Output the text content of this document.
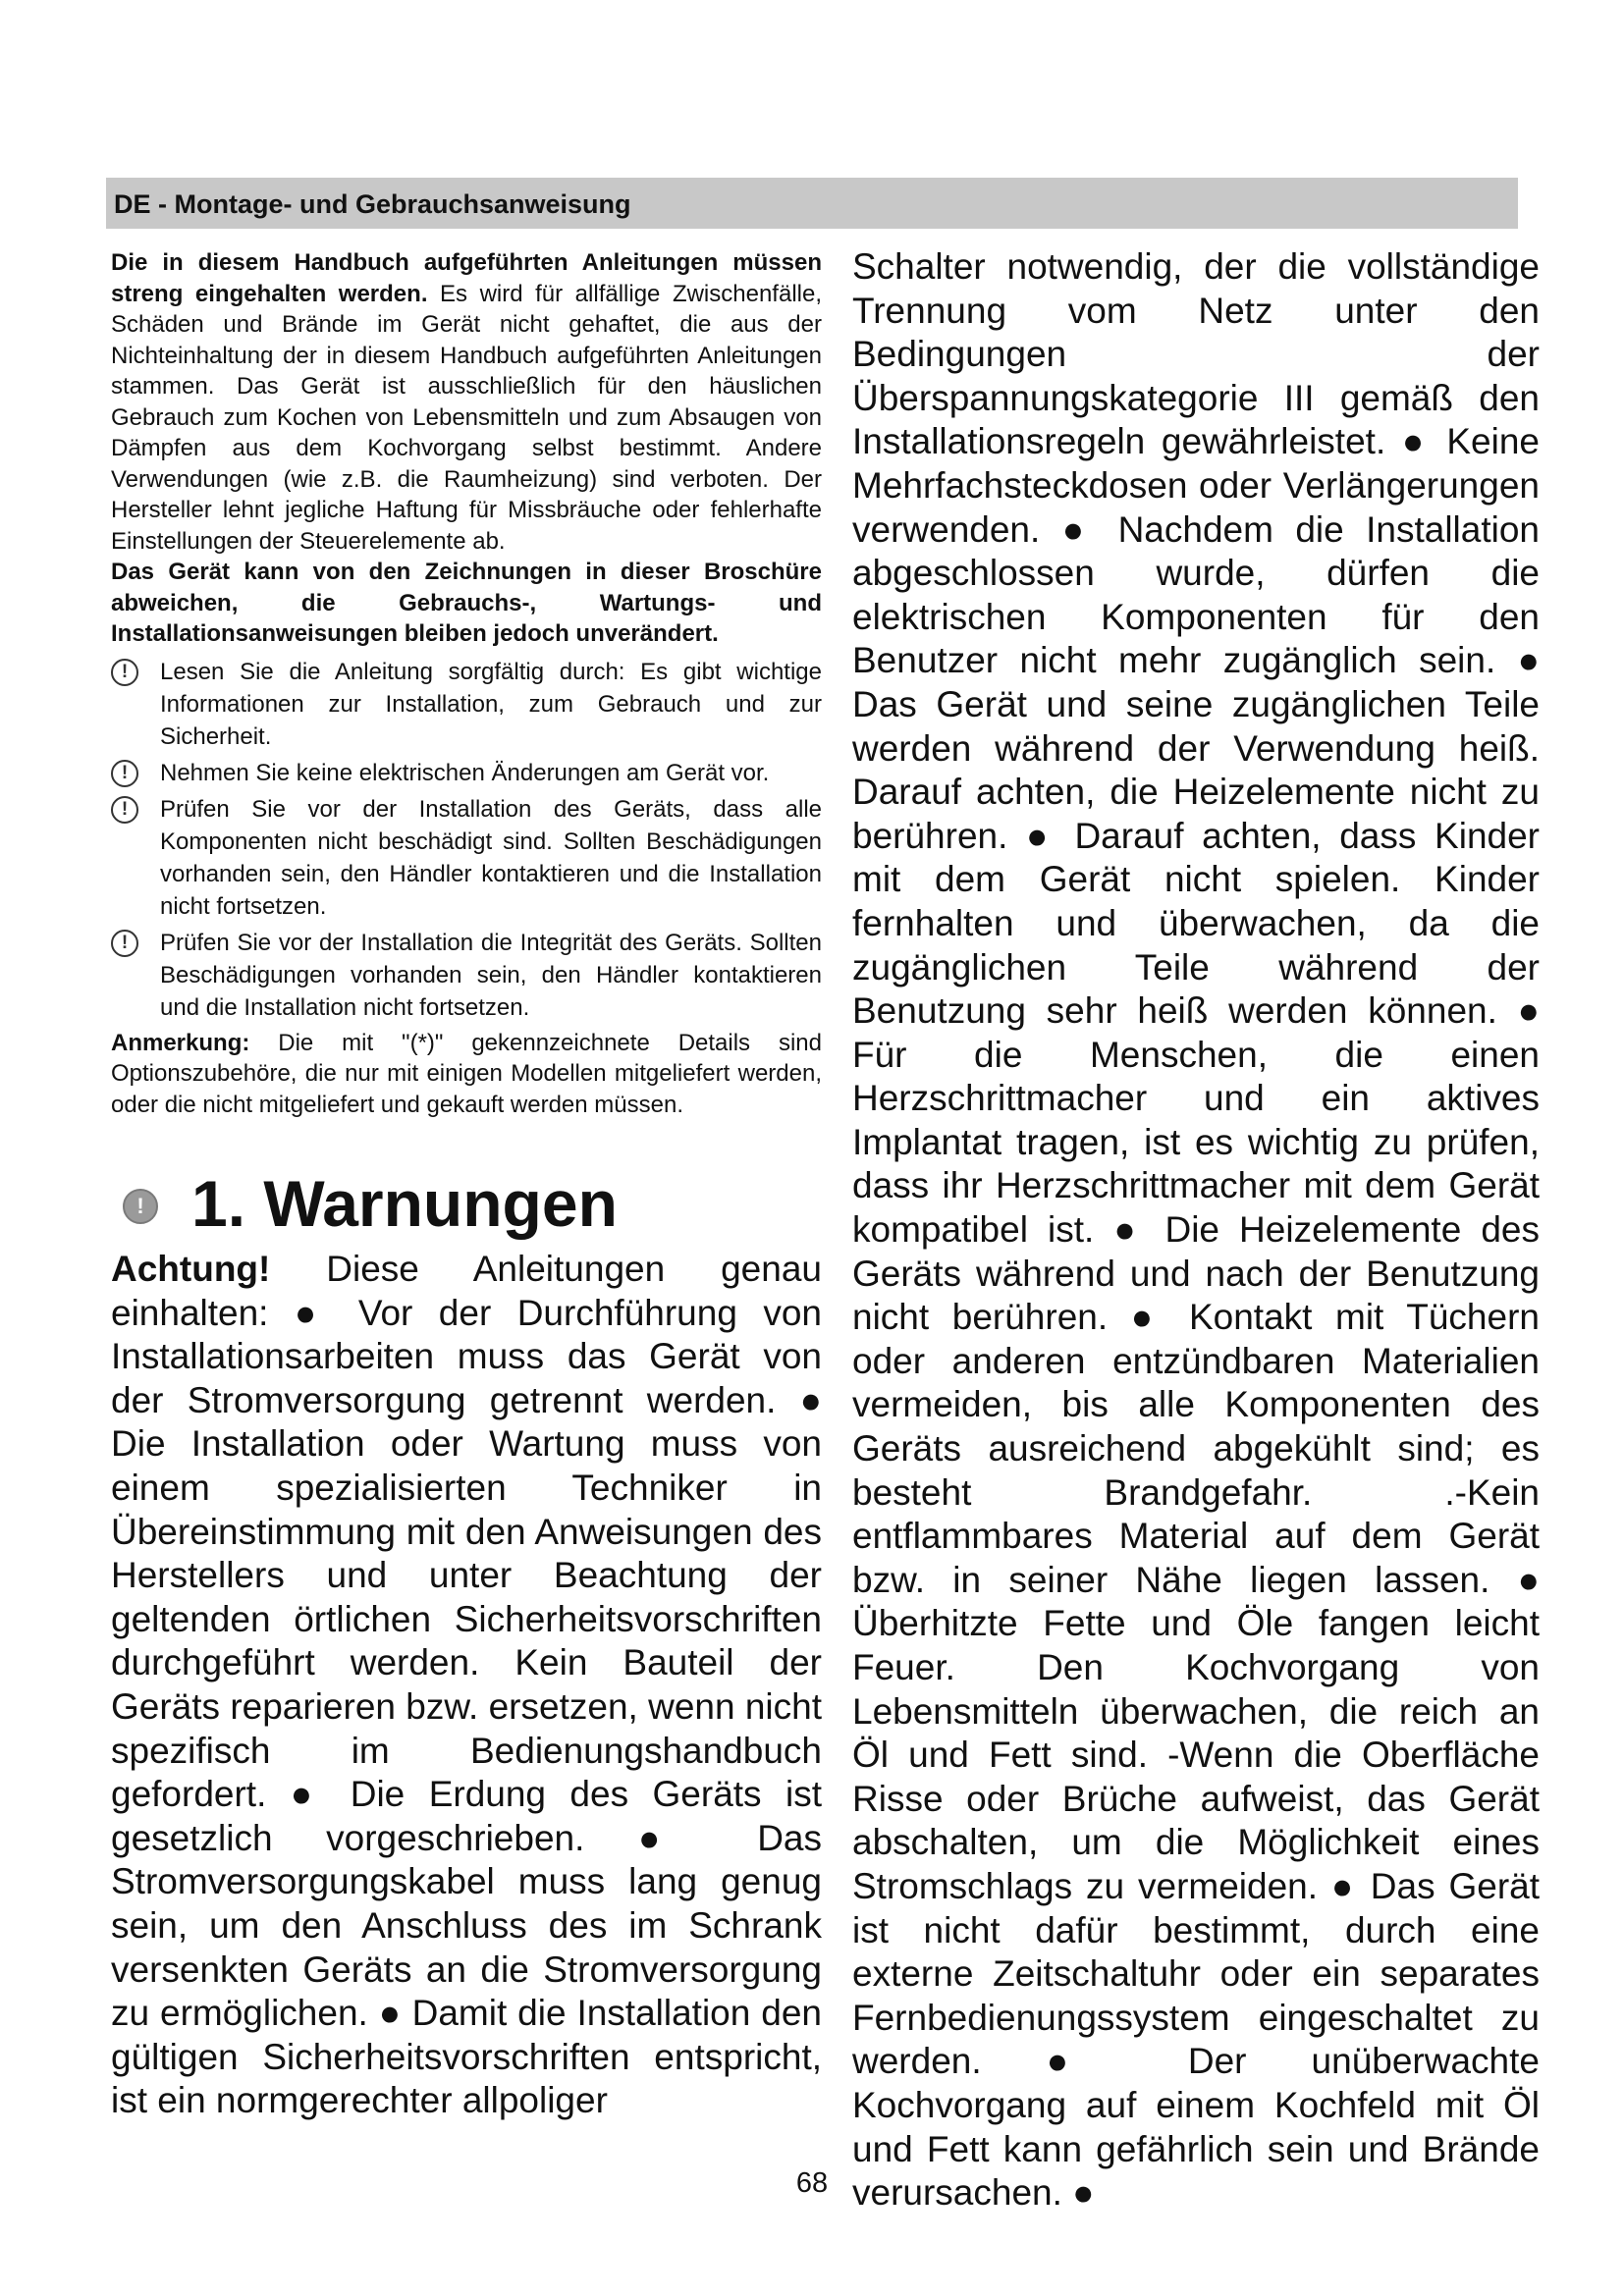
DE - Montage- und Gebrauchsanweisung

Die in diesem Handbuch aufgeführten Anleitungen müssen streng eingehalten werden. Es wird für allfällige Zwischenfälle, Schäden und Brände im Gerät nicht gehaftet, die aus der Nichteinhaltung der in diesem Handbuch aufgeführten Anleitungen stammen. Das Gerät ist ausschließlich für den häuslichen Gebrauch zum Kochen von Lebensmitteln und zum Absaugen von Dämpfen aus dem Kochvorgang selbst bestimmt. Andere Verwendungen (wie z.B. die Raumheizung) sind verboten. Der Hersteller lehnt jegliche Haftung für Missbräuche oder fehlerhafte Einstellungen der Steuerelemente ab.

Das Gerät kann von den Zeichnungen in dieser Broschüre abweichen, die Gebrauchs-, Wartungs- und Installationsanweisungen bleiben jedoch unverändert.

!	Lesen Sie die Anleitung sorgfältig durch: Es gibt wichtige Informationen zur Installation, zum Gebrauch und zur Sicherheit.
!	Nehmen Sie keine elektrischen Änderungen am Gerät vor.
!	Prüfen Sie vor der Installation des Geräts, dass alle Komponenten nicht beschädigt sind. Sollten Beschädigungen vorhanden sein, den Händler kontaktieren und die Installation nicht fortsetzen.
!	Prüfen Sie vor der Installation die Integrität des Geräts. Sollten Beschädigungen vorhanden sein, den Händler kontaktieren und die Installation nicht fortsetzen.

Anmerkung: Die mit "(*)" gekennzeichnete Details sind Optionszubehöre, die nur mit einigen Modellen mitgeliefert werden, oder die nicht mitgeliefert und gekauft werden müssen.

!
1. Warnungen

Achtung! Diese Anleitungen genau einhalten: ● Vor der Durchführung von Installationsarbeiten muss das Gerät von der Stromversorgung getrennt werden. ● Die Installation oder Wartung muss von einem spezialisierten Techniker in Übereinstimmung mit den Anweisungen des Herstellers und unter Beachtung der geltenden örtlichen Sicherheitsvorschriften durchgeführt werden. Kein Bauteil der Geräts reparieren bzw. ersetzen, wenn nicht spezifisch im Bedienungshandbuch gefordert. ● Die Erdung des Geräts ist gesetzlich vorgeschrieben. ● Das Stromversorgungskabel muss lang genug sein, um den Anschluss des im Schrank versenkten Geräts an die Stromversorgung zu ermöglichen. ● Damit die Installation den gültigen Sicherheitsvorschriften entspricht, ist ein normgerechter allpoliger

Schalter notwendig, der die vollständige Trennung vom Netz unter den Bedingungen der Überspannungskategorie III gemäß den Installationsregeln gewährleistet. ● Keine Mehrfachsteckdosen oder Verlängerungen verwenden. ● Nachdem die Installation abgeschlossen wurde, dürfen die elektrischen Komponenten für den Benutzer nicht mehr zugänglich sein. ● Das Gerät und seine zugänglichen Teile werden während der Verwendung heiß. Darauf achten, die Heizelemente nicht zu berühren. ● Darauf achten, dass Kinder mit dem Gerät nicht spielen. Kinder fernhalten und überwachen, da die zugänglichen Teile während der Benutzung sehr heiß werden können. ● Für die Menschen, die einen Herzschrittmacher und ein aktives Implantat tragen, ist es wichtig zu prüfen, dass ihr Herzschrittmacher mit dem Gerät kompatibel ist. ● Die Heizelemente des Geräts während und nach der Benutzung nicht berühren. ● Kontakt mit Tüchern oder anderen entzündbaren Materialien vermeiden, bis alle Komponenten des Geräts ausreichend abgekühlt sind; es besteht Brandgefahr. .-Kein entflammbares Material auf dem Gerät bzw. in seiner Nähe liegen lassen. ● Überhitzte Fette und Öle fangen leicht Feuer. Den Kochvorgang von Lebensmitteln überwachen, die reich an Öl und Fett sind. -Wenn die Oberfläche Risse oder Brüche aufweist, das Gerät abschalten, um die Möglichkeit eines Stromschlags zu vermeiden. ● Das Gerät ist nicht dafür bestimmt, durch eine externe Zeitschaltuhr oder ein separates Fernbedienungssystem eingeschaltet zu werden. ● Der unüberwachte Kochvorgang auf einem Kochfeld mit Öl und Fett kann gefährlich sein und Brände verursachen. ●

68
